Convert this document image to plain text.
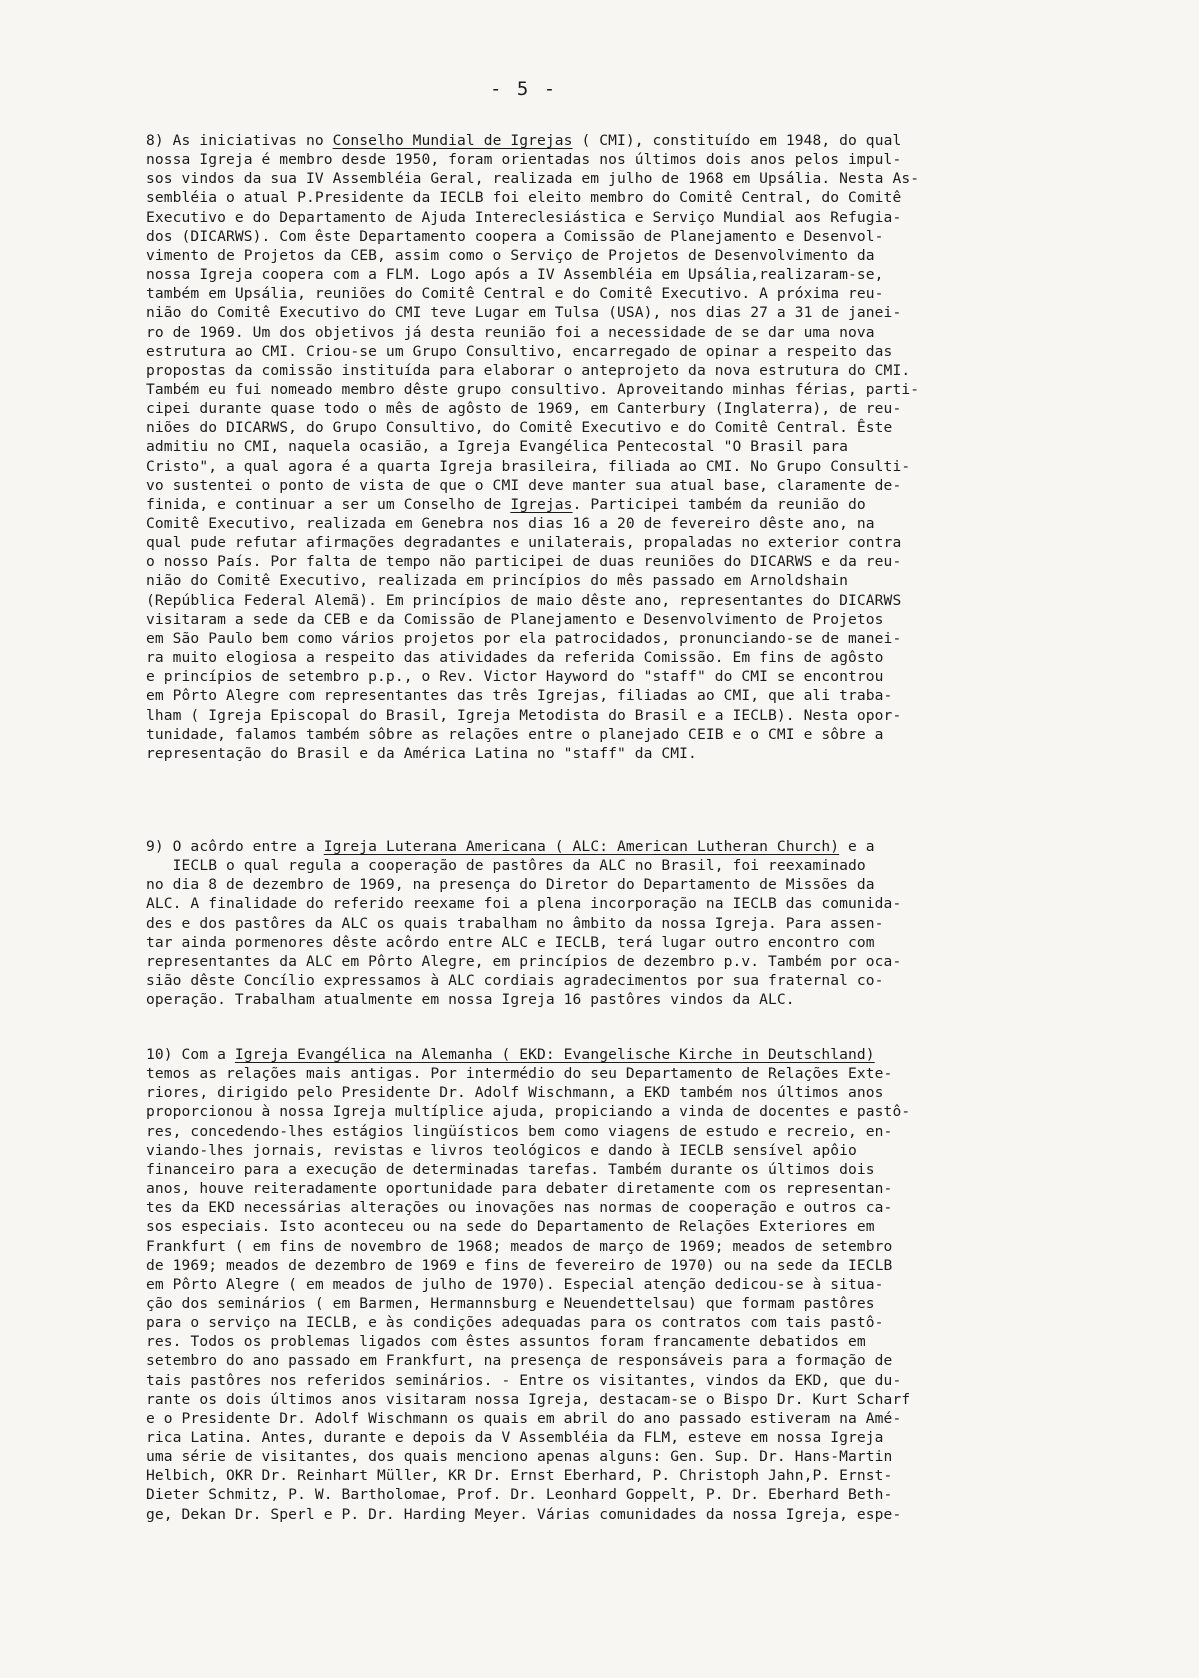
- 5 -
8) As iniciativas no Conselho Mundial de Igrejas ( CMI), constituído em 1948, do qual
nossa Igreja é membro desde 1950, foram orientadas nos últimos dois anos pelos impul-
sos vindos da sua IV Assembléia Geral, realizada em julho de 1968 em Upsália. Nesta As-
sembléia o atual P.Presidente da IECLB foi eleito membro do Comitê Central, do Comitê
Executivo e do Departamento de Ajuda Intereclesiástica e Serviço Mundial aos Refugia-
dos (DICARWS). Com êste Departamento coopera a Comissão de Planejamento e Desenvol-
vimento de Projetos da CEB, assim como o Serviço de Projetos de Desenvolvimento da
nossa Igreja coopera com a FLM. Logo após a IV Assembléia em Upsália,realizaram-se,
também em Upsália, reuniões do Comitê Central e do Comitê Executivo. A próxima reu-
nião do Comitê Executivo do CMI teve Lugar em Tulsa (USA), nos dias 27 a 31 de janei-
ro de 1969. Um dos objetivos já desta reunião foi a necessidade de se dar uma nova
estrutura ao CMI. Criou-se um Grupo Consultivo, encarregado de opinar a respeito das
propostas da comissão instituída para elaborar o anteprojeto da nova estrutura do CMI.
Também eu fui nomeado membro dêste grupo consultivo. Aproveitando minhas férias, parti-
cipei durante quase todo o mês de agôsto de 1969, em Canterbury (Inglaterra), de reu-
niões do DICARWS, do Grupo Consultivo, do Comitê Executivo e do Comitê Central. Êste
admitiu no CMI, naquela ocasião, a Igreja Evangélica Pentecostal "O Brasil para
Cristo", a qual agora é a quarta Igreja brasileira, filiada ao CMI. No Grupo Consulti-
vo sustentei o ponto de vista de que o CMI deve manter sua atual base, claramente de-
finida, e continuar a ser um Conselho de Igrejas. Participei também da reunião do
Comitê Executivo, realizada em Genebra nos dias 16 a 20 de fevereiro dêste ano, na
qual pude refutar afirmações degradantes e unilaterais, propaladas no exterior contra
o nosso País. Por falta de tempo não participei de duas reuniões do DICARWS e da reu-
nião do Comitê Executivo, realizada em princípios do mês passado em Arnoldshain
(República Federal Alemã). Em princípios de maio dêste ano, representantes do DICARWS
visitaram a sede da CEB e da Comissão de Planejamento e Desenvolvimento de Projetos
em São Paulo bem como vários projetos por ela patrocidados, pronunciando-se de manei-
ra muito elogiosa a respeito das atividades da referida Comissão. Em fins de agôsto
e princípios de setembro p.p., o Rev. Victor Hayword do "staff" do CMI se encontrou
em Pôrto Alegre com representantes das três Igrejas, filiadas ao CMI, que ali traba-
lham ( Igreja Episcopal do Brasil, Igreja Metodista do Brasil e a IECLB). Nesta opor-
tunidade, falamos também sôbre as relações entre o planejado CEIB e o CMI e sôbre a
representação do Brasil e da América Latina no "staff" da CMI.
9) O acôrdo entre a Igreja Luterana Americana ( ALC: American Lutheran Church) e a
IECLB o qual regula a cooperação de pastôres da ALC no Brasil, foi reexaminado
no dia 8 de dezembro de 1969, na presença do Diretor do Departamento de Missões da
ALC. A finalidade do referido reexame foi a plena incorporação na IECLB das comunida-
des e dos pastôres da ALC os quais trabalham no âmbito da nossa Igreja. Para assen-
tar ainda pormenores dêste acôrdo entre ALC e IECLB, terá lugar outro encontro com
representantes da ALC em Pôrto Alegre, em princípios de dezembro p.v. Também por oca-
sião dêste Concílio expressamos à ALC cordiais agradecimentos por sua fraternal co-
operação. Trabalham atualmente em nossa Igreja 16 pastôres vindos da ALC.
10) Com a Igreja Evangélica na Alemanha ( EKD: Evangelische Kirche in Deutschland)
temos as relações mais antigas. Por intermédio do seu Departamento de Relações Exte-
riores, dirigido pelo Presidente Dr. Adolf Wischmann, a EKD também nos últimos anos
proporcionou à nossa Igreja multíplice ajuda, propiciando a vinda de docentes e pastô-
res, concedendo-lhes estágios lingüísticos bem como viagens de estudo e recreio, en-
viando-lhes jornais, revistas e livros teológicos e dando à IECLB sensível apôio
financeiro para a execução de determinadas tarefas. Também durante os últimos dois
anos, houve reiteradamente oportunidade para debater diretamente com os representan-
tes da EKD necessárias alterações ou inovações nas normas de cooperação e outros ca-
sos especiais. Isto aconteceu ou na sede do Departamento de Relações Exteriores em
Frankfurt ( em fins de novembro de 1968; meados de março de 1969; meados de setembro
de 1969; meados de dezembro de 1969 e fins de fevereiro de 1970) ou na sede da IECLB
em Pôrto Alegre ( em meados de julho de 1970). Especial atenção dedicou-se à situa-
ção dos seminários ( em Barmen, Hermannsburg e Neuendettelsau) que formam pastôres
para o serviço na IECLB, e às condições adequadas para os contratos com tais pastô-
res. Todos os problemas ligados com êstes assuntos foram francamente debatidos em
setembro do ano passado em Frankfurt, na presença de responsáveis para a formação de
tais pastôres nos referidos seminários. - Entre os visitantes, vindos da EKD, que du-
rante os dois últimos anos visitaram nossa Igreja, destacam-se o Bispo Dr. Kurt Scharf
e o Presidente Dr. Adolf Wischmann os quais em abril do ano passado estiveram na Amé-
rica Latina. Antes, durante e depois da V Assembléia da FLM, esteve em nossa Igreja
uma série de visitantes, dos quais menciono apenas alguns: Gen. Sup. Dr. Hans-Martin
Helbich, OKR Dr. Reinhart Müller, KR Dr. Ernst Eberhard, P. Christoph Jahn,P. Ernst-
Dieter Schmitz, P. W. Bartholomae, Prof. Dr. Leonhard Goppelt, P. Dr. Eberhard Beth-
ge, Dekan Dr. Sperl e P. Dr. Harding Meyer. Várias comunidades da nossa Igreja, espe-
